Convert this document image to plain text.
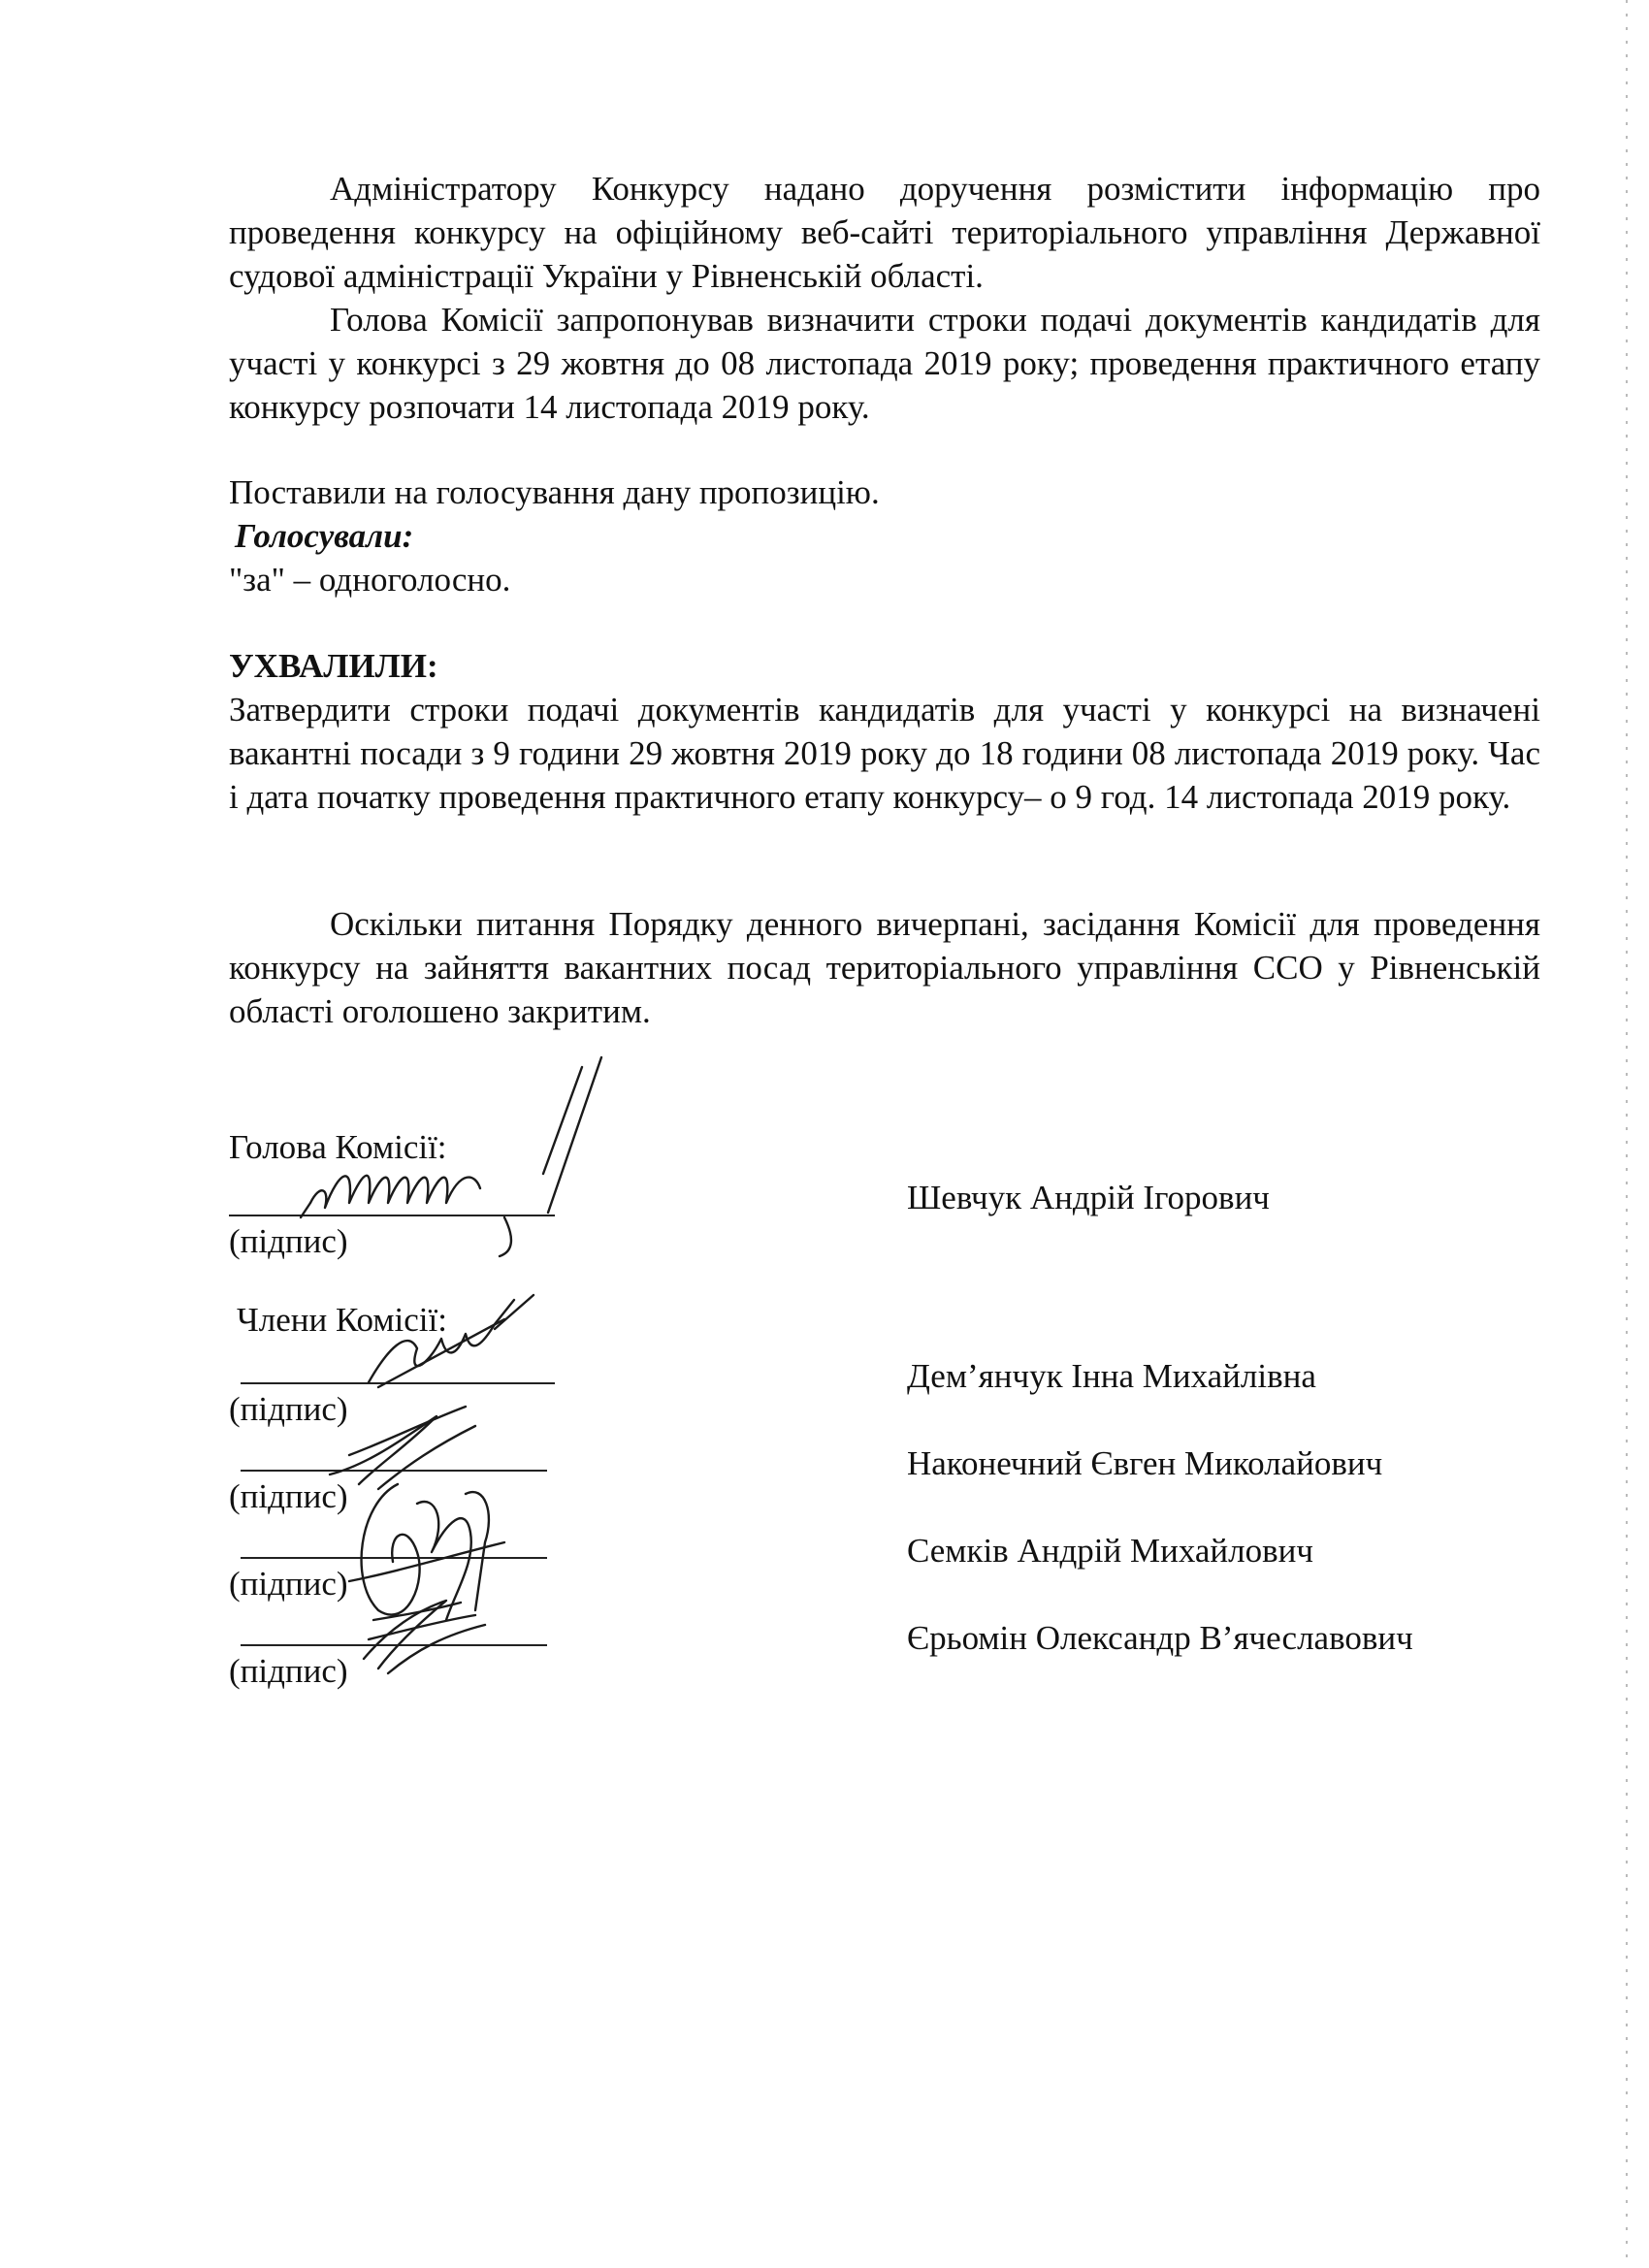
Адміністратору Конкурсу надано доручення розмістити інформацію про проведення конкурсу на офіційному веб-сайті територіального управління Державної судової адміністрації України у Рівненській області.

Голова Комісії запропонував визначити строки подачі документів кандидатів для участі у конкурсі з 29 жовтня до 08 листопада 2019 року; проведення практичного етапу конкурсу розпочати 14 листопада 2019 року.

Поставили на голосування дану пропозицію.

Голосували:

"за" – одноголосно.

УХВАЛИЛИ:

Затвердити строки подачі документів кандидатів для участі у конкурсі на визначені вакантні посади з 9 години 29 жовтня 2019 року до 18 години 08 листопада 2019 року. Час і дата початку проведення практичного етапу конкурсу– о 9 год. 14 листопада 2019 року.

Оскільки питання Порядку денного вичерпані, засідання Комісії для проведення конкурсу на зайняття вакантних посад територіального управління ССО у Рівненській області оголошено закритим.

Голова Комісії:
(підпис)
Шевчук Андрій Ігорович
Члени Комісії:
(підпис)
Дем’янчук Інна Михайлівна
(підпис)
Наконечний Євген Миколайович
(підпис)
Семків Андрій Михайлович
(підпис)
Єрьомін Олександр В’ячеславович
